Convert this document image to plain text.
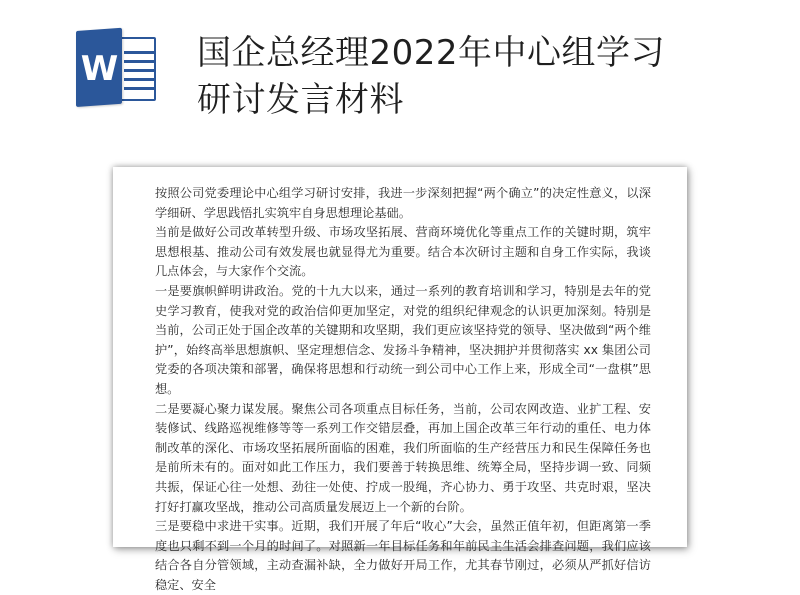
W 国企总经理2022年中心组学习研讨发言材料

按照公司党委理论中心组学习研讨安排，我进一步深刻把握“两个确立”的决定性意义，以深学细研、学思践悟扎实筑牢自身思想理论基础。

当前是做好公司改革转型升级、市场攻坚拓展、营商环境优化等重点工作的关键时期，筑牢思想根基、推动公司有效发展也就显得尤为重要。结合本次研讨主题和自身工作实际，我谈几点体会，与大家作个交流。

一是要旗帜鲜明讲政治。党的十九大以来，通过一系列的教育培训和学习，特别是去年的党史学习教育，使我对党的政治信仰更加坚定，对党的组织纪律观念的认识更加深刻。特别是当前，公司正处于国企改革的关键期和攻坚期，我们更应该坚持党的领导、坚决做到“两个维护”，始终高举思想旗帜、坚定理想信念、发扬斗争精神，坚决拥护并贯彻落实 xx 集团公司党委的各项决策和部署，确保将思想和行动统一到公司中心工作上来，形成全司“一盘棋”思想。

二是要凝心聚力谋发展。聚焦公司各项重点目标任务，当前，公司农网改造、业扩工程、安装修试、线路巡视维修等等一系列工作交错层叠，再加上国企改革三年行动的重任、电力体制改革的深化、市场攻坚拓展所面临的困难，我们所面临的生产经营压力和民生保障任务也是前所未有的。面对如此工作压力，我们要善于转换思维、统筹全局，坚持步调一致、同频共振，保证心往一处想、劲往一处使、拧成一股绳，齐心协力、勇于攻坚、共克时艰，坚决打好打赢攻坚战，推动公司高质量发展迈上一个新的台阶。

三是要稳中求进干实事。近期，我们开展了年后“收心”大会，虽然正值年初，但距离第一季度也只剩不到一个月的时间了。对照新一年目标任务和年前民主生活会排查问题，我们应该结合各自分管领域，主动查漏补缺，全力做好开局工作，尤其春节刚过，必须从严抓好信访稳定、安全
